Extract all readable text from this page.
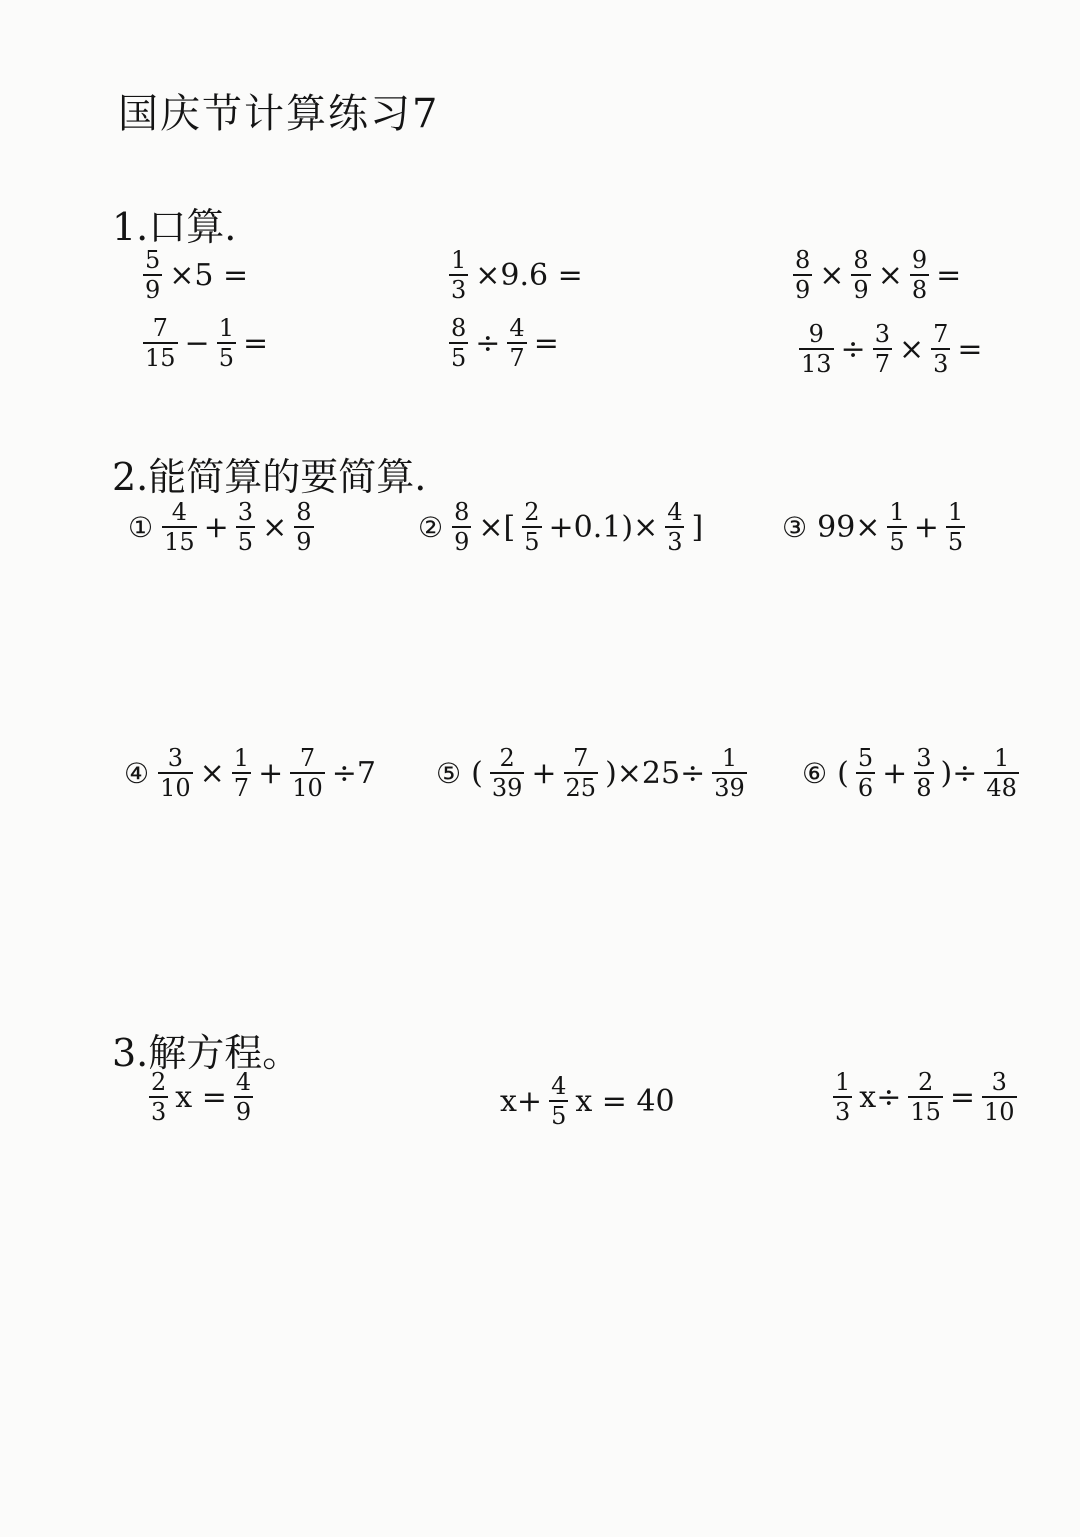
国庆节计算练习7
1.口算.
2.能简算的要简算.
3.解方程。
$\frac{5}{9} \times 5$ =	$\frac{1}{3} \times 9.6$ =	$\frac{8}{9} \times \frac{8}{9} \times \frac{9}{8}$ =
$\frac{7}{15} - \frac{1}{5}$ =	$\frac{8}{5} \div \frac{4}{7}$ =	$\frac{9}{13} \div \frac{3}{7} \times \frac{7}{3}$ =
① $\frac{4}{15} + \frac{3}{5} \times \frac{8}{9}$	② $\frac{8}{9}$ ×[ $\frac{2}{5} +0.1)\times \frac{4}{3}$ ]	③ $99\times \frac{1}{5} + \frac{1}{5}$
④ $\frac{3}{10} \times \frac{1}{7} + \frac{7}{10} \div 7$ ⑤ ( $\frac{2}{39} + \frac{7}{25} )\times 25\div \frac{1}{39}$ ⑥ ( $\frac{5}{6} + \frac{3}{8}$ )÷ $\frac{1}{48}$
$\frac{2}{3}$ $x = \frac{4}{9}$	$x+ \frac{4}{5}$ x = 40	$\frac{1}{3} x\div \frac{2}{15} = \frac{3}{10}$
